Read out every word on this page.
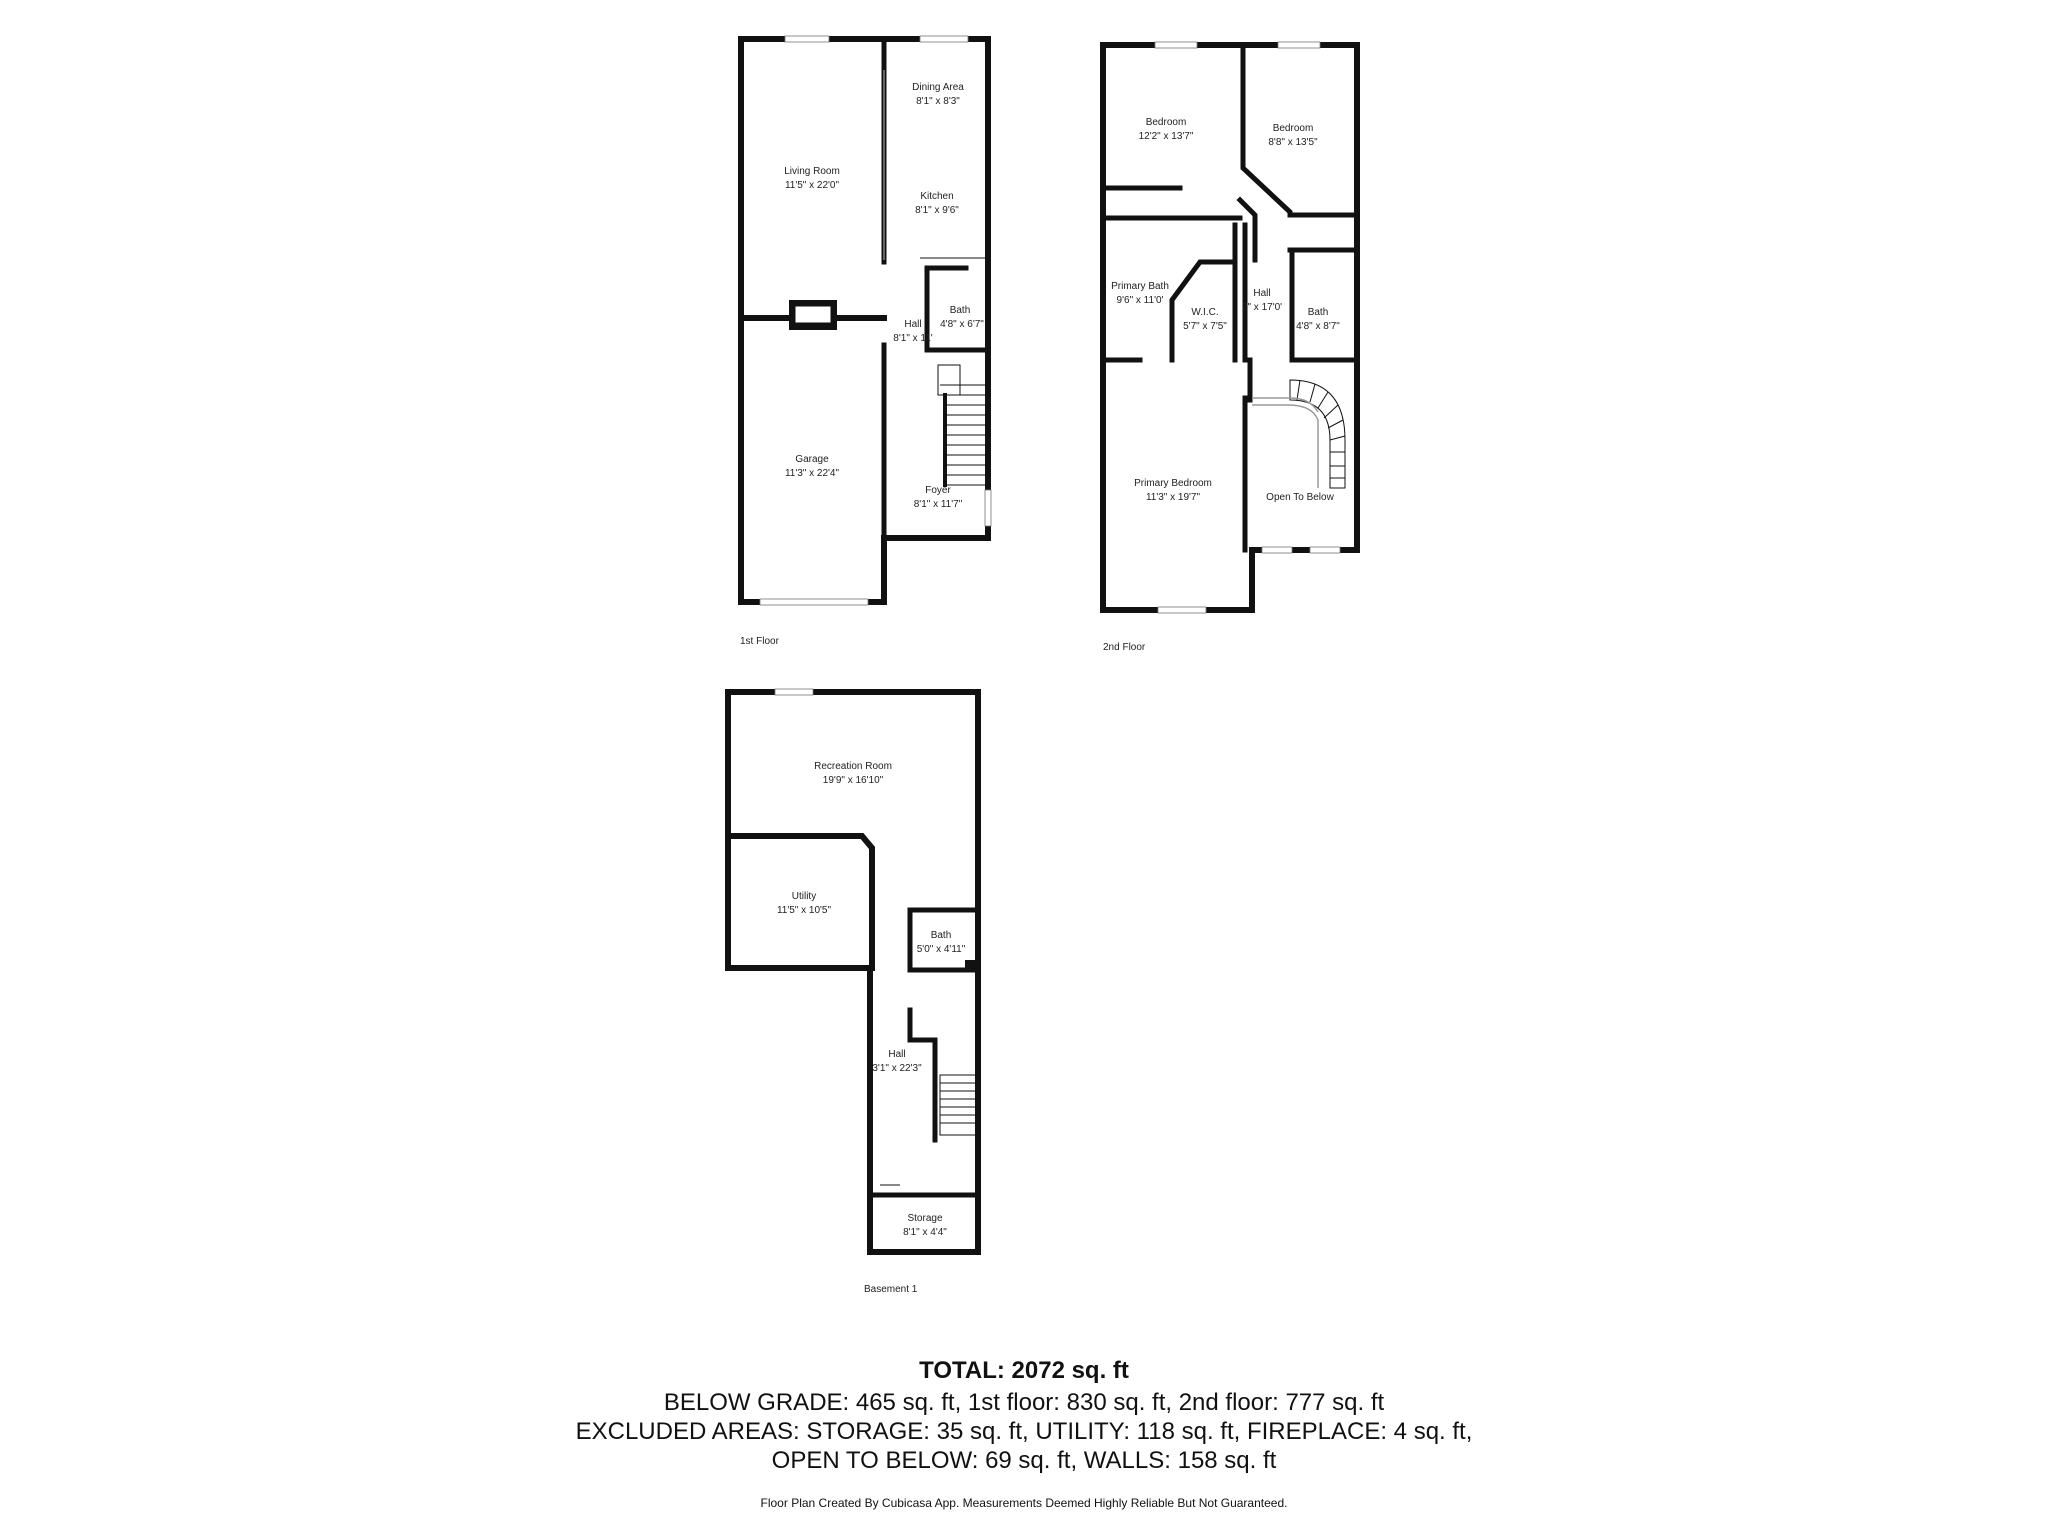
Dining Area
8'1" x 8'3"
Living Room
11'5" x 22'0"
Kitchen
8'1" x 9'6"
Bath
4'8" x 6'7"
Hall
8'1" x 11'
Garage
11'3" x 22'4"
Foyer
8'1" x 11'7"
1st Floor
Bedroom
12'2" x 13'7"
Bedroom
8'8" x 13'5"
Primary Bath
9'6" x 11'0'
Hall
2" x 17'0'
W.I.C.
5'7" x 7'5"
Bath
4'8" x 8'7"
Primary Bedroom
11'3" x 19'7"	Open To Below
2nd Floor
Recreation Room
19'9" x 16'10"
Utility
11'5" x 10'5"
Bath
5'0" x 4'11"
Hall
3'1" x 22'3"
Storage
8'1" x 4'4"
Basement 1
TOTAL: 2072 sq. ft
BELOW GRADE: 465 sq. ft, 1st floor: 830 sq. ft, 2nd floor: 777 sq. ft
EXCLUDED AREAS: STORAGE: 35 sq. ft, UTILITY: 118 sq. ft, FIREPLACE: 4 sq. ft,
OPEN TO BELOW: 69 sq. ft, WALLS: 158 sq. ft
Floor Plan Created By Cubicasa App. Measurements Deemed Highly Reliable But Not Guaranteed.
